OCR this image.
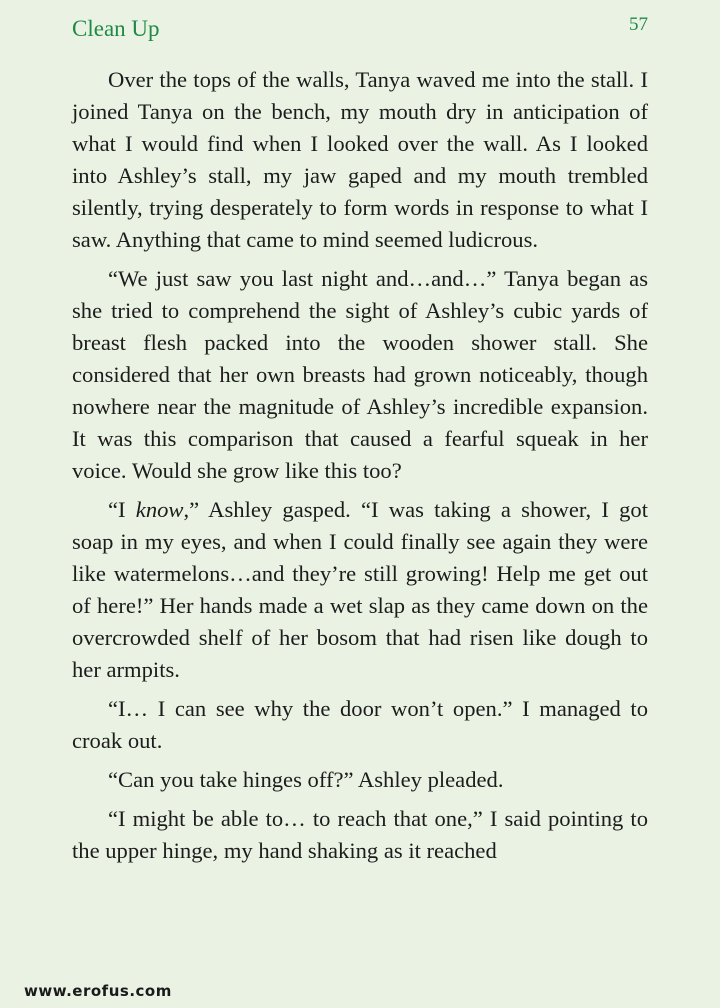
Clean Up	57

Over the tops of the walls, Tanya waved me into the stall. I joined Tanya on the bench, my mouth dry in anticipation of what I would find when I looked over the wall. As I looked into Ashley’s stall, my jaw gaped and my mouth trembled silently, trying desperately to form words in response to what I saw. Anything that came to mind seemed ludicrous.

“We just saw you last night and…and…” Tanya began as she tried to comprehend the sight of Ashley’s cubic yards of breast flesh packed into the wooden shower stall. She considered that her own breasts had grown noticeably, though nowhere near the magnitude of Ashley’s incredible expansion. It was this comparison that caused a fearful squeak in her voice. Would she grow like this too?

“I know,” Ashley gasped. “I was taking a shower, I got soap in my eyes, and when I could finally see again they were like watermelons…and they’re still growing! Help me get out of here!” Her hands made a wet slap as they came down on the overcrowded shelf of her bosom that had risen like dough to her armpits.

“I… I can see why the door won’t open.” I managed to croak out.

“Can you take hinges off?” Ashley pleaded.

“I might be able to… to reach that one,” I said pointing to the upper hinge, my hand shaking as it reached

www.erofus.com
